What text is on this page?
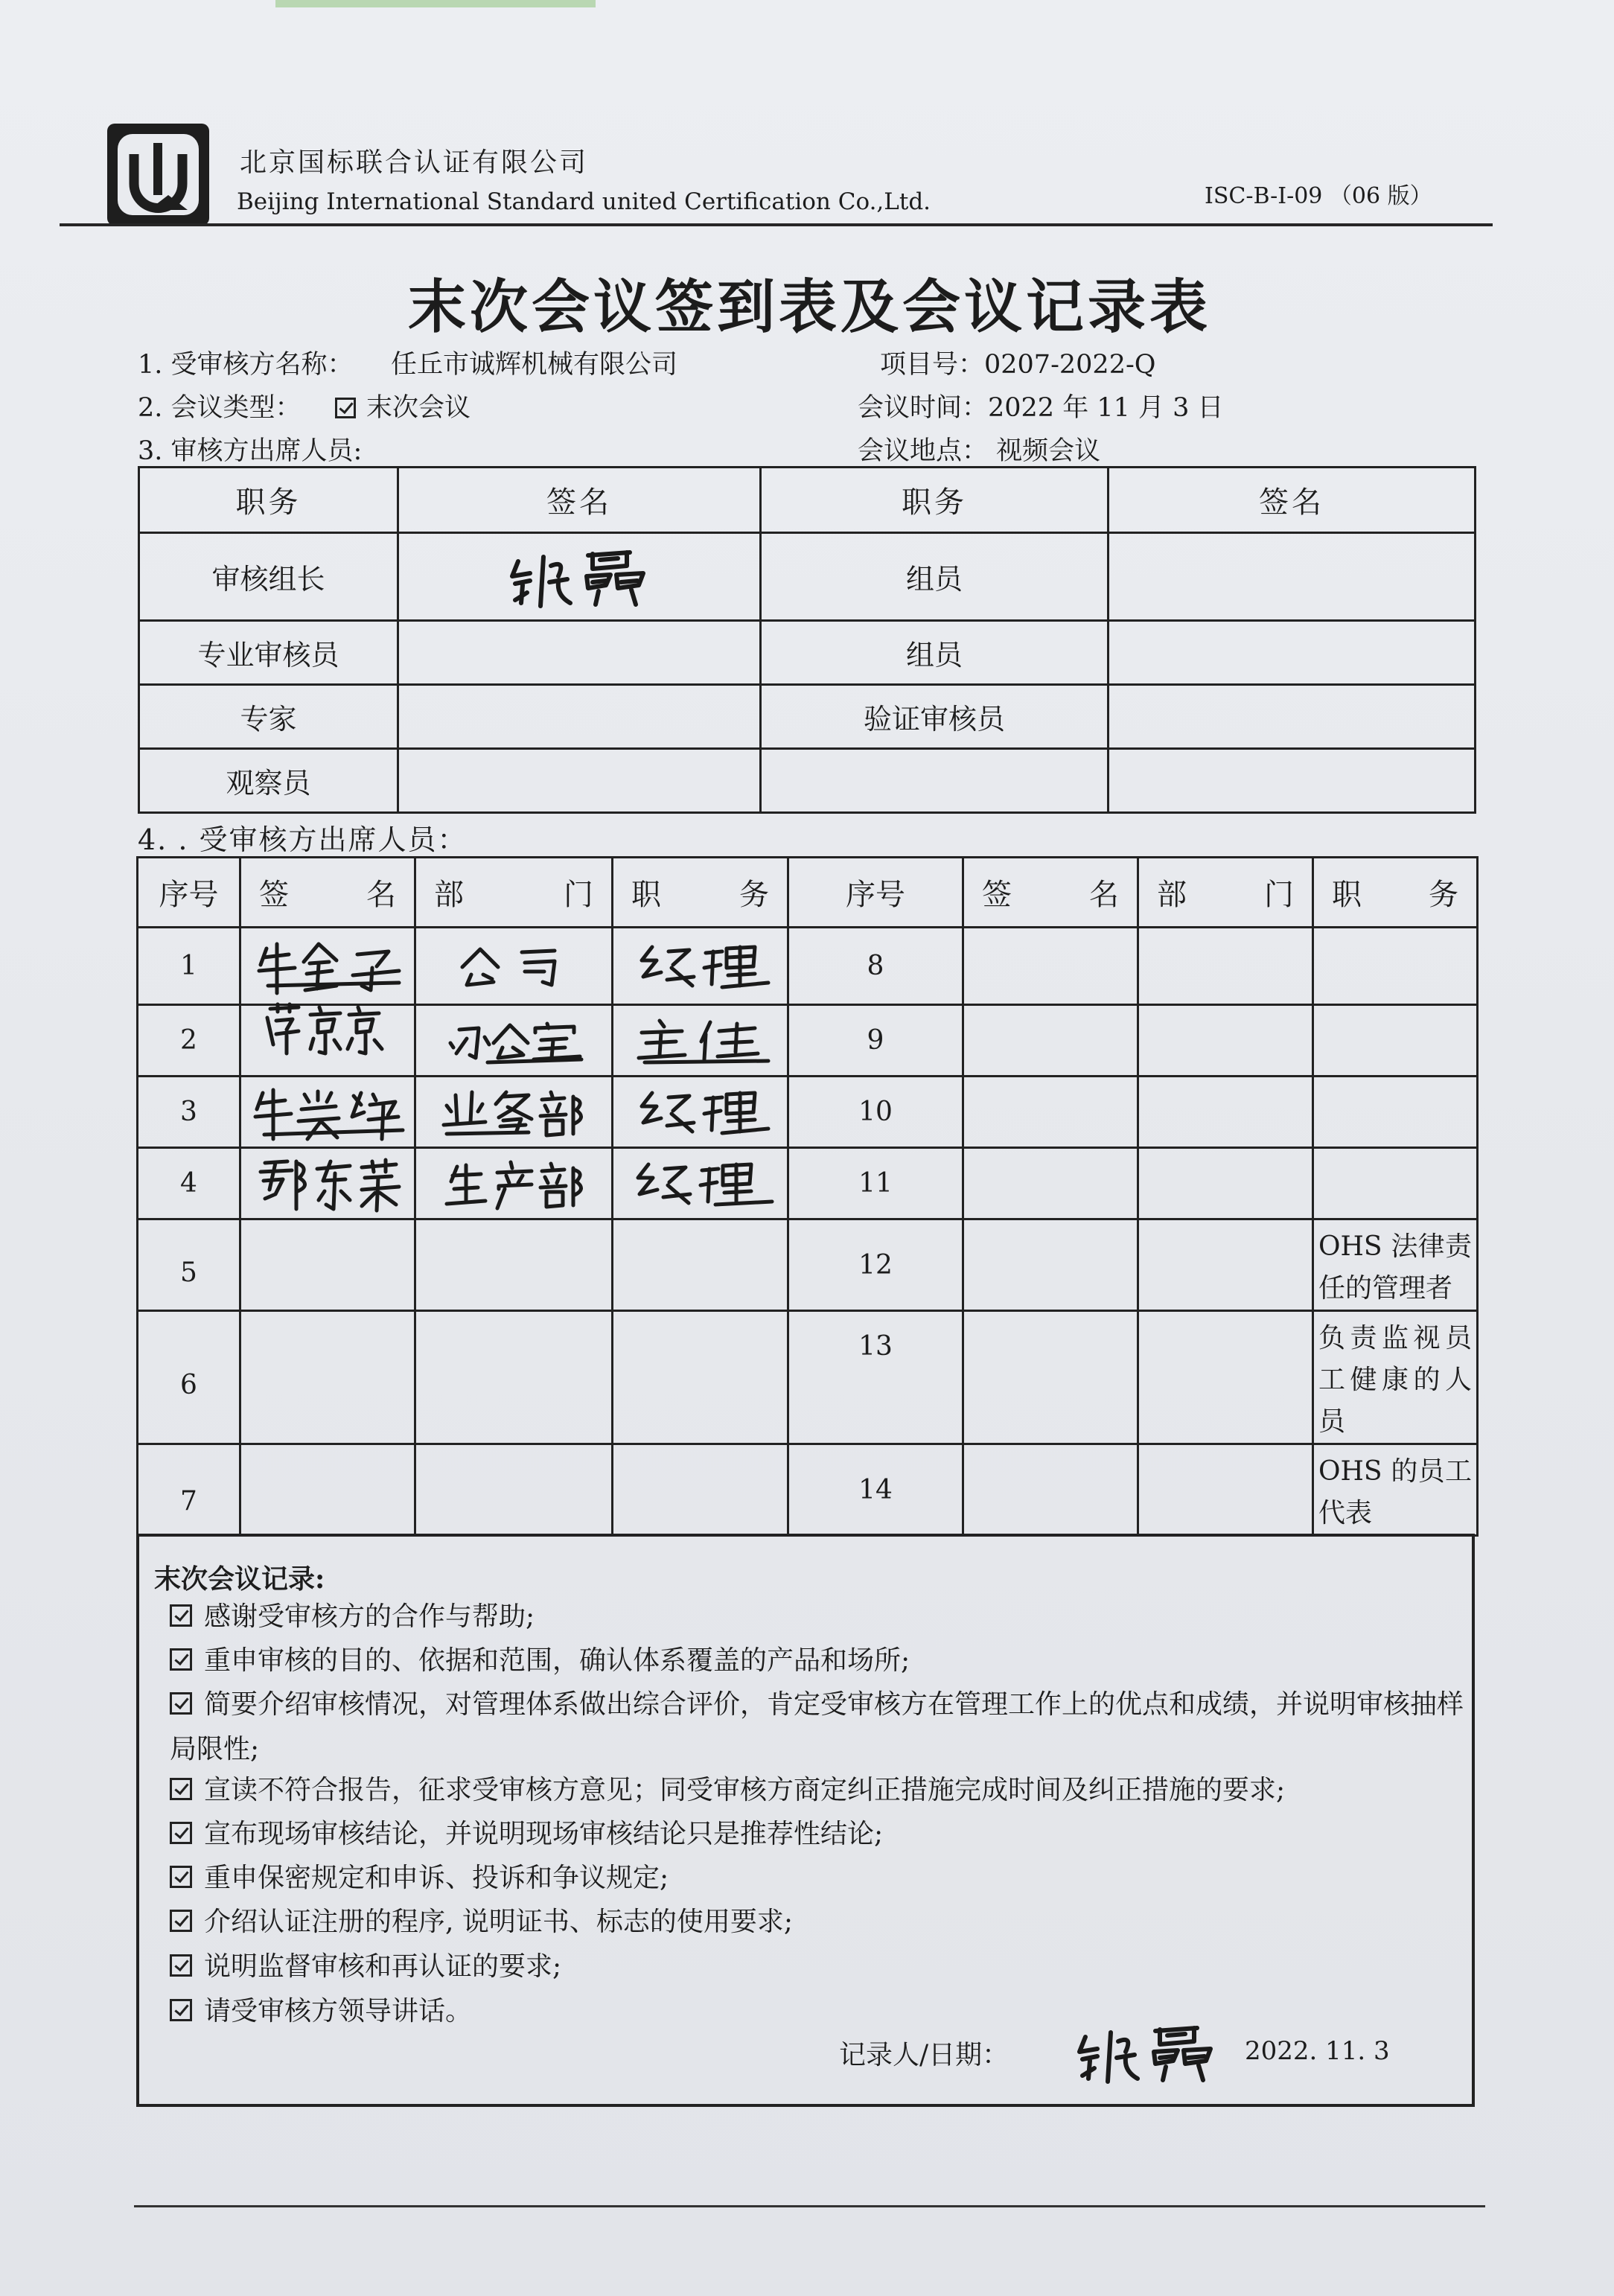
北京国标联合认证有限公司
Beijing International Standard united Certification Co.,Ltd.	ISC-B-I-09 （06 版）
末次会议签到表及会议记录表
1. 受审核方名称： 任丘市诚辉机械有限公司	项目号：0207-2022-Q
2. 会议类型：	末次会议	会议时间：2022 年 11 月 3 日
3. 审核方出席人员:	会议地点： 视频会议
职务	签名	职务	签名
审核组长		组员	
专业审核员		组员	
专家		验证审核员	
观察员			
4. . 受审核方出席人员：
序号	签 名	部 门	职 务	序号	签 名	部 门	职 务

1				8			
2				9			
3				10			
4				11			
5				12			OHS 法律责任的管理者

6				13			负责监视员工健康的人员

7				14			OHS 的员工代表
末次会议记录:
感谢受审核方的合作与帮助;
重申审核的目的、依据和范围，确认体系覆盖的产品和场所;
简要介绍审核情况，对管理体系做出综合评价，肯定受审核方在管理工作上的优点和成绩，并说明审核抽样局限性;
宣读不符合报告，征求受审核方意见；同受审核方商定纠正措施完成时间及纠正措施的要求;
宣布现场审核结论，并说明现场审核结论只是推荐性结论;
重申保密规定和申诉、投诉和争议规定;
介绍认证注册的程序, 说明证书、标志的使用要求;
说明监督审核和再认证的要求;
请受审核方领导讲话。
记录人/日期：	2022. 11. 3
